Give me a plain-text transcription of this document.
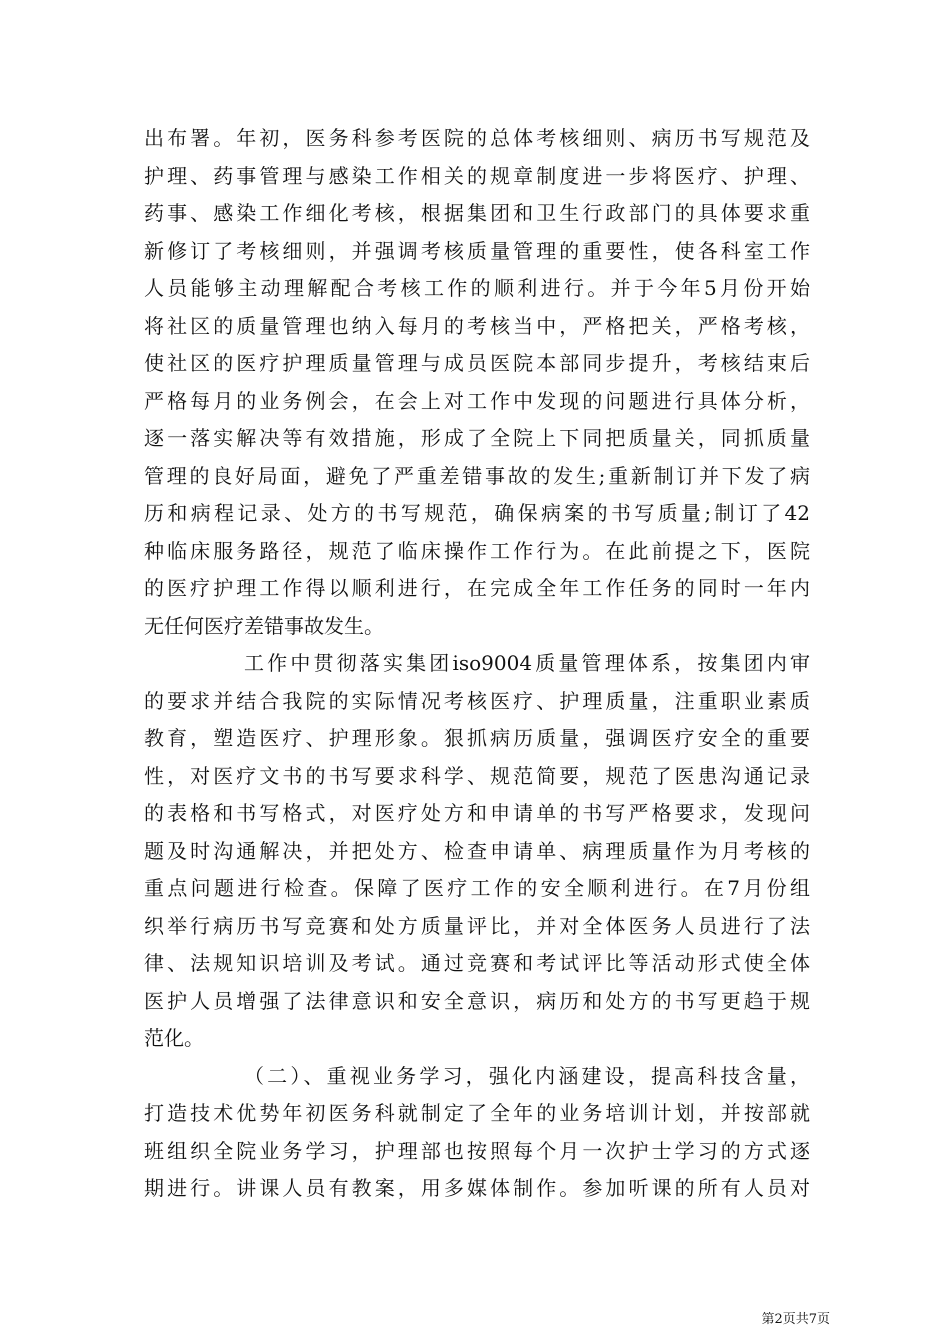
出布署。年初，医务科参考医院的总体考核细则、病历书写规范及
护理、药事管理与感染工作相关的规章制度进一步将医疗、护理、
药事、感染工作细化考核，根据集团和卫生行政部门的具体要求重
新修订了考核细则，并强调考核质量管理的重要性，使各科室工作
人员能够主动理解配合考核工作的顺利进行。并于今年5月份开始
将社区的质量管理也纳入每月的考核当中，严格把关，严格考核，
使社区的医疗护理质量管理与成员医院本部同步提升，考核结束后
严格每月的业务例会，在会上对工作中发现的问题进行具体分析，
逐一落实解决等有效措施，形成了全院上下同把质量关，同抓质量
管理的良好局面，避免了严重差错事故的发生;重新制订并下发了病
历和病程记录、处方的书写规范，确保病案的书写质量;制订了42
种临床服务路径，规范了临床操作工作行为。在此前提之下，医院
的医疗护理工作得以顺利进行，在完成全年工作任务的同时一年内
无任何医疗差错事故发生。
工作中贯彻落实集团iso9004质量管理体系，按集团内审
的要求并结合我院的实际情况考核医疗、护理质量，注重职业素质
教育，塑造医疗、护理形象。狠抓病历质量，强调医疗安全的重要
性，对医疗文书的书写要求科学、规范简要，规范了医患沟通记录
的表格和书写格式，对医疗处方和申请单的书写严格要求，发现问
题及时沟通解决，并把处方、检查申请单、病理质量作为月考核的
重点问题进行检查。保障了医疗工作的安全顺利进行。在7月份组
织举行病历书写竞赛和处方质量评比，并对全体医务人员进行了法
律、法规知识培训及考试。通过竞赛和考试评比等活动形式使全体
医护人员增强了法律意识和安全意识，病历和处方的书写更趋于规
范化。
（二）、重视业务学习，强化内涵建设，提高科技含量，
打造技术优势年初医务科就制定了全年的业务培训计划，并按部就
班组织全院业务学习，护理部也按照每个月一次护士学习的方式逐
期进行。讲课人员有教案，用多媒体制作。参加听课的所有人员对
第2页共7页
